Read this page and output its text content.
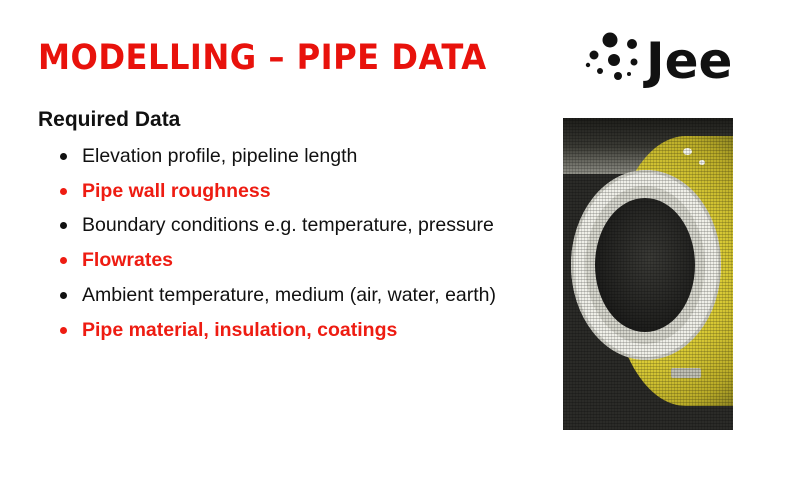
MODELLING – PIPE DATA
Required Data
Elevation profile, pipeline length
Pipe wall roughness
Boundary conditions e.g. temperature, pressure
Flowrates
Ambient temperature, medium (air, water, earth)
Pipe material, insulation, coatings
Jee
